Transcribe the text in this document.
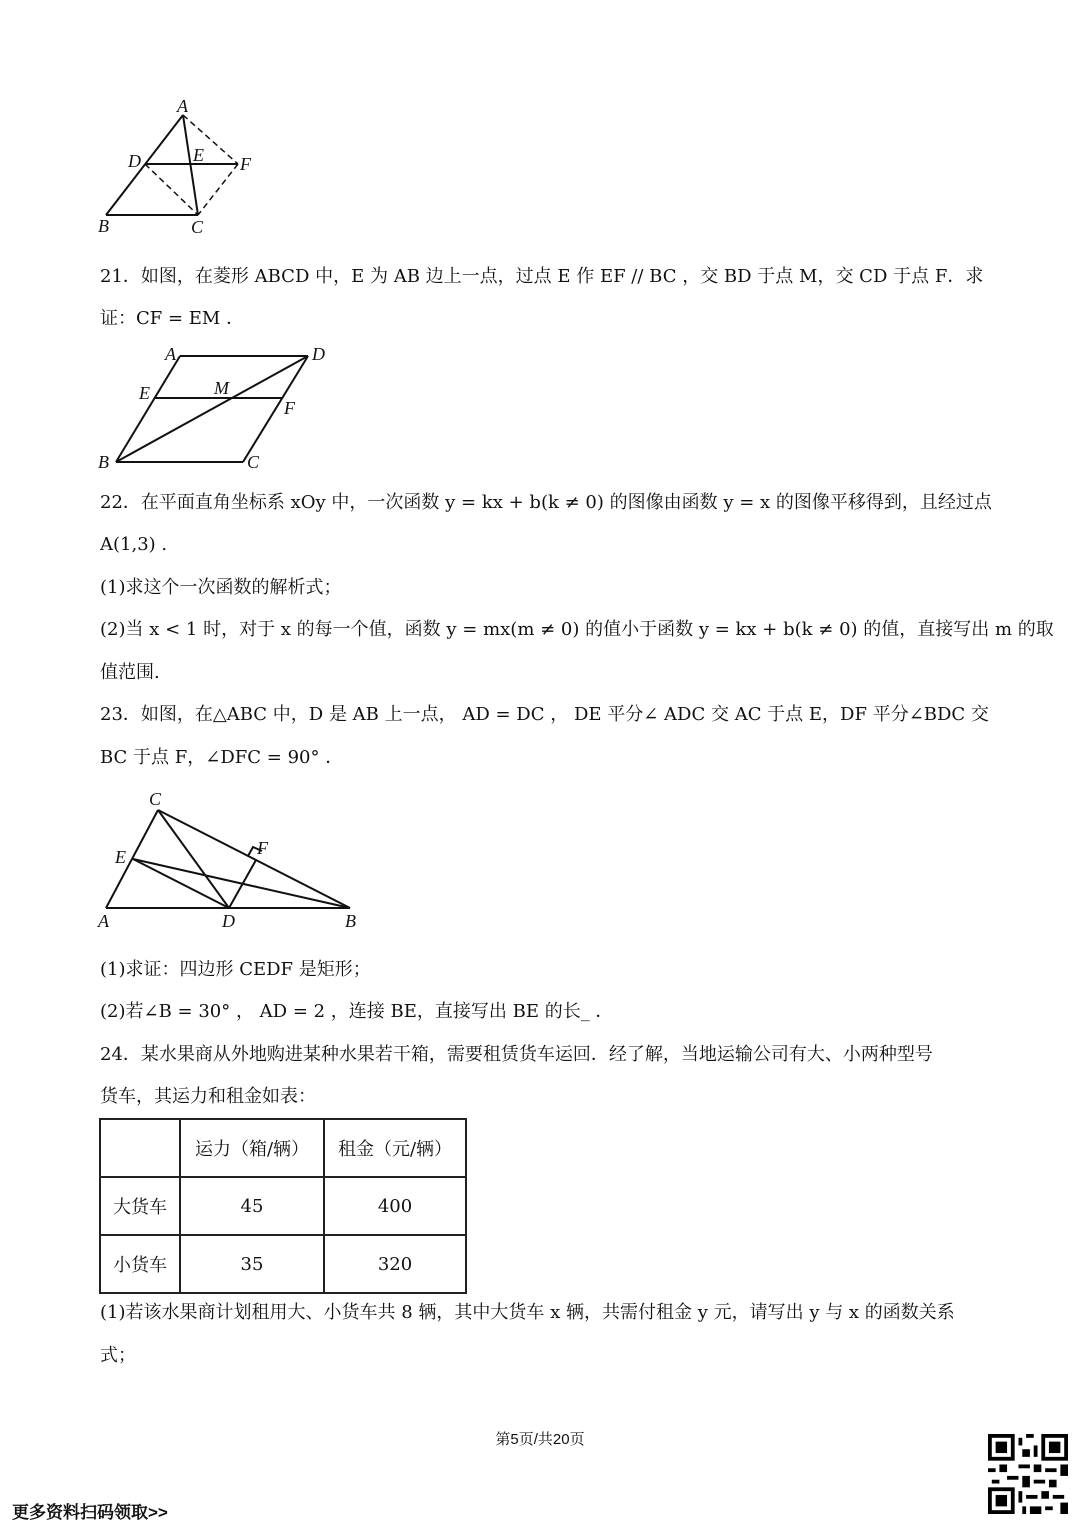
A
D	E F
B	C
21．如图，在菱形 ABCD 中，E 为 AB 边上一点，过点 E 作 EF // BC ，交 BD 于点 M，交 CD 于点 F．求
证：CF = EM ．
A	D
E	M
F
B	C
22．在平面直角坐标系 xOy 中，一次函数 y = kx + b(k ≠ 0) 的图像由函数 y = x 的图像平移得到，且经过点
A(1,3) .
(1)求这个一次函数的解析式；
(2)当 x < 1 时，对于 x 的每一个值，函数 y = mx(m ≠ 0) 的值小于函数 y = kx + b(k ≠ 0) 的值，直接写出 m 的取
值范围.
23．如图，在△ABC 中，D 是 AB 上一点， AD = DC ， DE 平分∠ ADC 交 AC 于点 E，DF 平分∠BDC 交
BC 于点 F，∠DFC = 90° ．
C
E	F
A	D	B
(1)求证：四边形 CEDF 是矩形；
(2)若∠B = 30° ， AD = 2 ，连接 BE，直接写出 BE 的长_ ．
24．某水果商从外地购进某种水果若干箱，需要租赁货车运回．经了解，当地运输公司有大、小两种型号
货车，其运力和租金如表：
	运力（箱/辆）	租金（元/辆）
大货车	45	400
小货车	35	320
(1)若该水果商计划租用大、小货车共 8 辆，其中大货车 x 辆，共需付租金 y 元，请写出 y 与 x 的函数关系
式；
第5页/共20页
更多资料扫码领取>>
